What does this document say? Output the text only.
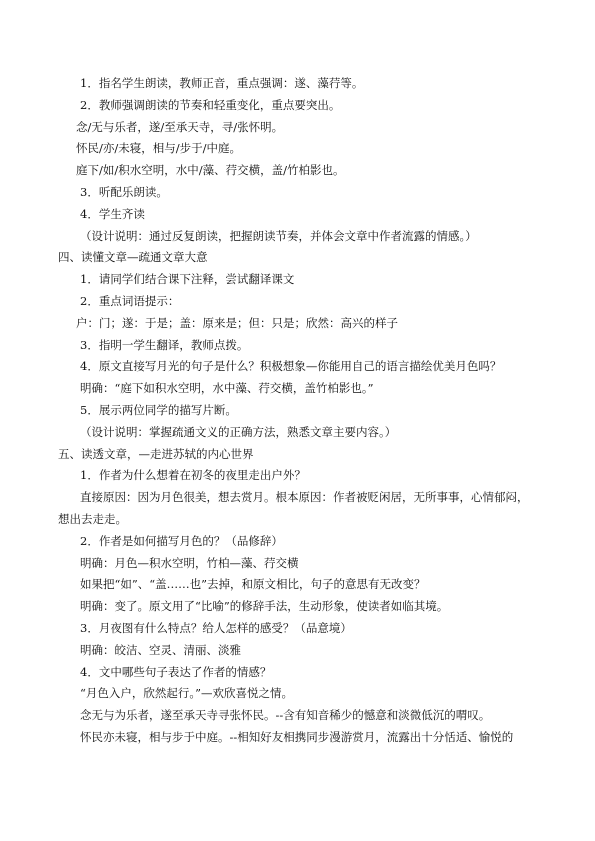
1．指名学生朗读，教师正音，重点强调：遂、藻荇等。
2．教师强调朗读的节奏和轻重变化，重点要突出。
念/无与乐者，遂/至承天寺，寻/张怀明。
怀民/亦/未寝，相与/步于/中庭。
庭下/如/积水空明，水中/藻、荇交横，盖/竹柏影也。
3．听配乐朗读。
4．学生齐读
（设计说明：通过反复朗读，把握朗读节奏，并体会文章中作者流露的情感。）
四、读懂文章—疏通文章大意
1．请同学们结合课下注释，尝试翻译课文
2．重点词语提示：
户：门；遂：于是；盖：原来是；但：只是；欣然：高兴的样子
3．指明一学生翻译，教师点拨。
4．原文直接写月光的句子是什么？积极想象—你能用自己的语言描绘优美月色吗？
明确：“庭下如积水空明，水中藻、荇交横，盖竹柏影也。”
5．展示两位同学的描写片断。
（设计说明：掌握疏通文义的正确方法，熟悉文章主要内容。）
五、读透文章，—走进苏轼的内心世界
1．作者为什么想着在初冬的夜里走出户外？
直接原因：因为月色很美，想去赏月。根本原因：作者被贬闲居，无所事事，心情郁闷，想出去走走。
2．作者是如何描写月色的？（品修辞）
明确：月色—积水空明，竹柏—藻、荇交横
如果把“如”、“盖……也”去掉，和原文相比，句子的意思有无改变？
明确：变了。原文用了“比喻”的修辞手法，生动形象，使读者如临其境。
3．月夜图有什么特点？给人怎样的感受？（品意境）
明确：皎洁、空灵、清丽、淡雅
4．文中哪些句子表达了作者的情感？
“月色入户，欣然起行。”—欢欣喜悦之情。
念无与为乐者，遂至承天寺寻张怀民。--含有知音稀少的憾意和淡微低沉的喟叹。
怀民亦未寝，相与步于中庭。--相知好友相携同步漫游赏月，流露出十分恬适、愉悦的
